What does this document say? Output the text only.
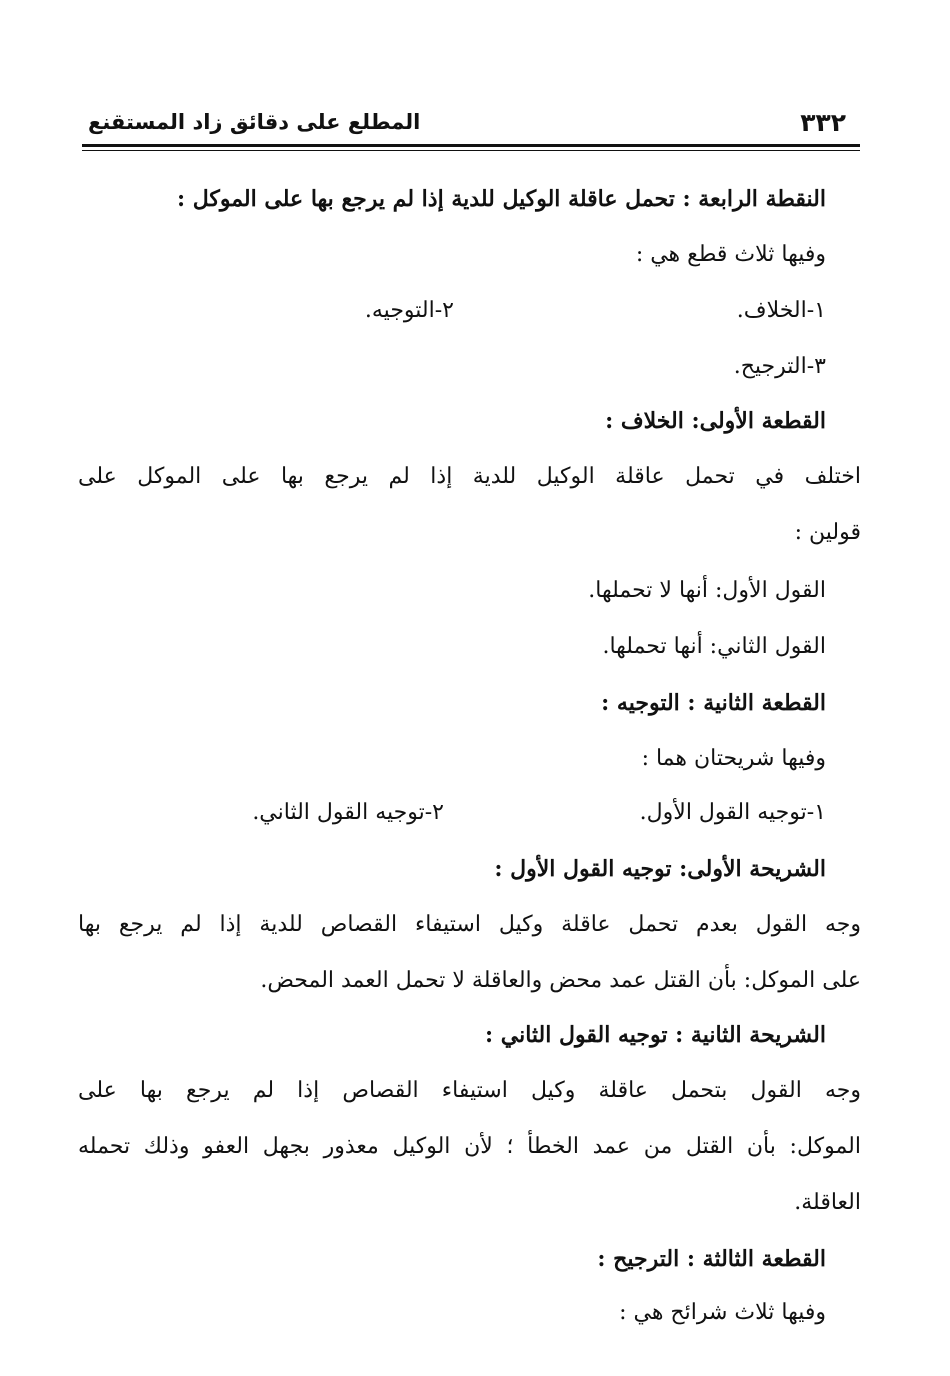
٣٣٢
المطلع على دقائق زاد المستقنع
النقطة الرابعة : تحمل عاقلة الوكيل للدية إذا لم يرجع بها على الموكل :
وفيها ثلاث قطع هي :
١-الخلاف.
٢-التوجيه.
٣-الترجيح.
القطعة الأولى: الخلاف :
اختلف في تحمل عاقلة الوكيل للدية إذا لم يرجع بها على الموكل على
قولين :
القول الأول: أنها لا تحملها.
القول الثاني: أنها تحملها.
القطعة الثانية : التوجيه :
وفيها شريحتان هما :
١-توجيه القول الأول.
٢-توجيه القول الثاني.
الشريحة الأولى: توجيه القول الأول :
وجه القول بعدم تحمل عاقلة وكيل استيفاء القصاص للدية إذا لم يرجع بها
على الموكل: بأن القتل عمد محض والعاقلة لا تحمل العمد المحض.
الشريحة الثانية : توجيه القول الثاني :
وجه القول بتحمل عاقلة وكيل استيفاء القصاص إذا لم يرجع بها على
الموكل: بأن القتل من عمد الخطأ ؛ لأن الوكيل معذور بجهل العفو وذلك تحمله
العاقلة.
القطعة الثالثة : الترجيح :
وفيها ثلاث شرائح هي :
